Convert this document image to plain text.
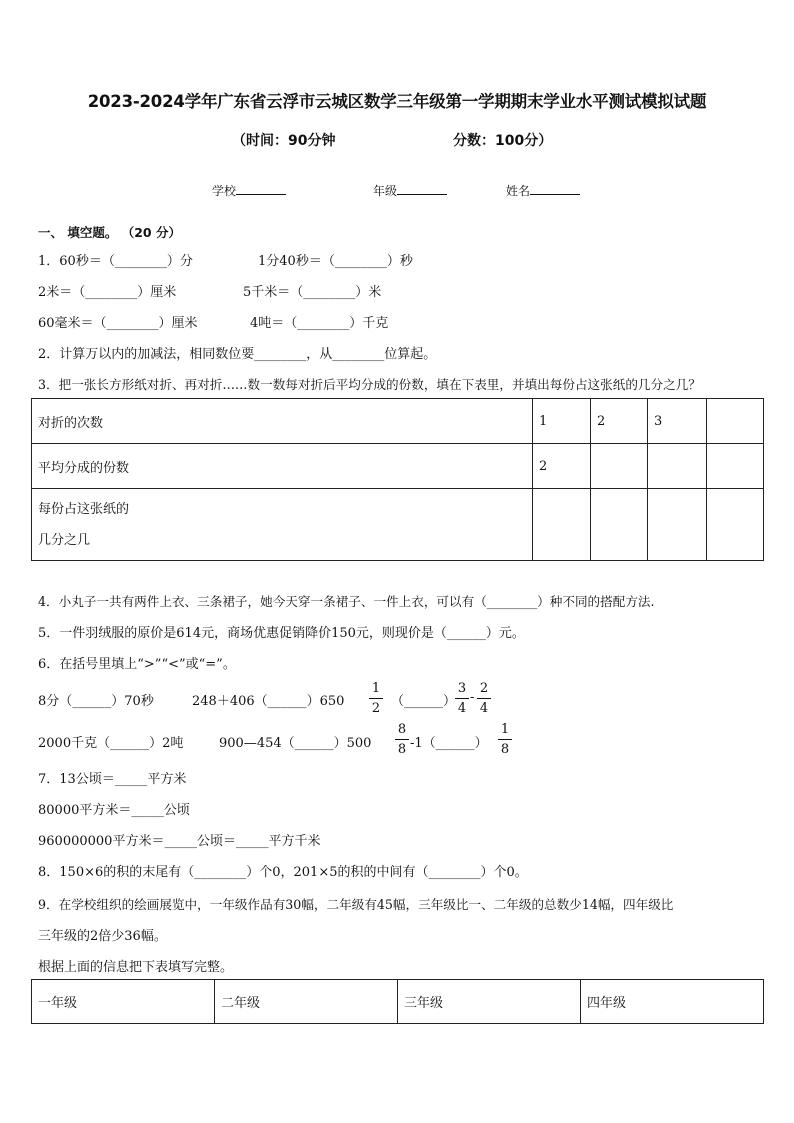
2023-2024学年广东省云浮市云城区数学三年级第一学期期末学业水平测试模拟试题
（时间：90分钟	分数：100分）
学校	年级	姓名
一、 填空题。 （20 分）
1．60秒＝（________）分	1分40秒＝（________）秒
2米＝（________）厘米	5千米＝（________）米
60毫米＝（________）厘米	4吨＝（________）千克
2．计算万以内的加减法，相同数位要________，从________位算起。
3．把一张长方形纸对折、再对折……数一数每对折后平均分成的份数，填在下表里，并填出每份占这张纸的几分之几？
对折的次数	1	2	3	
平均分成的份数	2			
每份占这张纸的
几分之几				
4．小丸子一共有两件上衣、三条裙子，她今天穿一条裙子、一件上衣，可以有（________）种不同的搭配方法.
5．一件羽绒服的原价是614元，商场优惠促销降价150元，则现价是（______）元。
6．在括号里填上“>”“<”或“=”。
8分（______）70秒	248＋406（______）650
1
2 （______）
3
4
-
2
4
2000千克（______）2吨	900—454（______）500
8
8 -1（______）
1
8
7．13公顷＝_____平方米
80000平方米＝_____公顷
960000000平方米＝_____公顷＝_____平方千米
8．150×6的积的末尾有（________）个0，201×5的积的中间有（________）个0。
9．在学校组织的绘画展览中，一年级作品有30幅，二年级有45幅，三年级比一、二年级的总数少14幅，四年级比
三年级的2倍少36幅。
根据上面的信息把下表填写完整。
一年级	二年级	三年级	四年级
